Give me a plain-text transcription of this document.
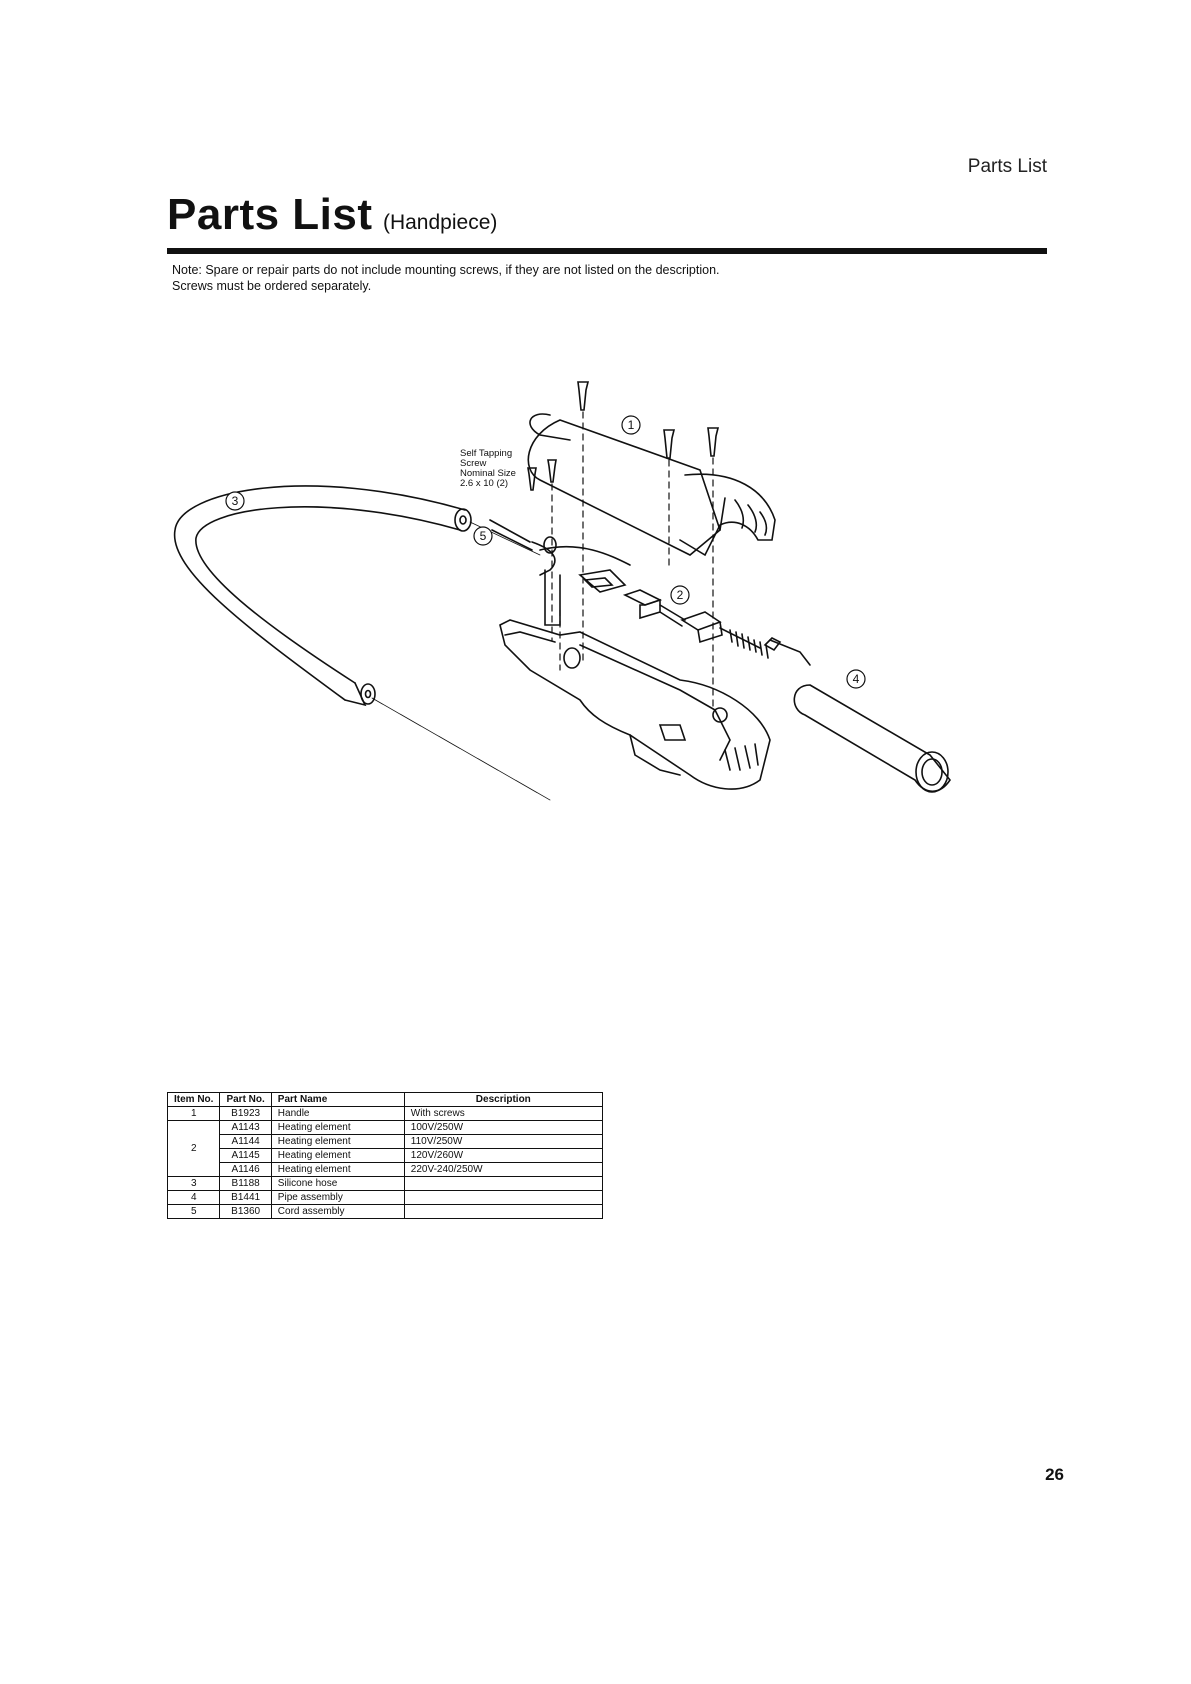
Parts List
Parts List (Handpiece)
Note: Spare or repair parts do not include mounting screws, if they are not listed on the description.
Screws must be ordered separately.
1
2
3
4
5
Self Tapping
Screw
Nominal Size
2.6 x 10 (2)
Item No.	Part No.	Part Name	Description
1	B1923	Handle	With screws
2	A1143	Heating element	100V/250W
	A1144	Heating element	110V/250W
	A1145	Heating element	120V/260W
	A1146	Heating element	220V-240/250W
3	B1188	Silicone hose	
4	B1441	Pipe assembly	
5	B1360	Cord assembly	
26
